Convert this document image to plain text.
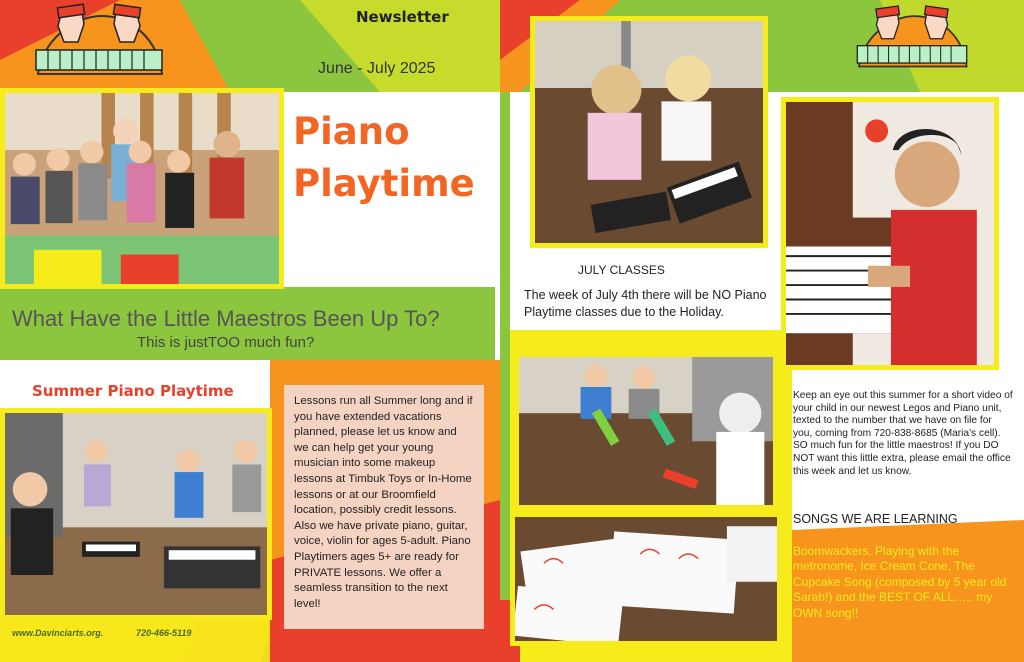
Newsletter
June - July 2025
Piano
Playtime
What Have the Little Maestros Been Up To?
This is justTOO much fun?
Summer Piano Playtime
Lessons run all Summer long and if you have extended vacations planned, please let us know and we can help get your young musician into some makeup lessons at Timbuk Toys or In-Home lessons or at our Broomfield location, possibly credit lessons. Also we have private piano, guitar, voice, violin for ages 5-adult. Piano Playtimers ages 5+ are ready for PRIVATE lessons. We offer a seamless transition to the next level!
www.Davinciarts.org.	720-466-5119
JULY CLASSES
The week of July 4th there will be NO Piano Playtime classes due to the Holiday.
Keep an eye out this summer for a short video of your child in our newest Legos and Piano unit, texted to the number that we have on file for you, coming from 720-838-8685 (Maria's cell). SO much fun for the little maestros! If you DO NOT want this little extra, please email the office this week and let us know.
SONGS WE ARE LEARNING
Boomwackers, Playing with the metronome, Ice Cream Cone, The Cupcake Song (composed by 5 year old Sarah!) and the BEST OF ALL….. my OWN song!!
